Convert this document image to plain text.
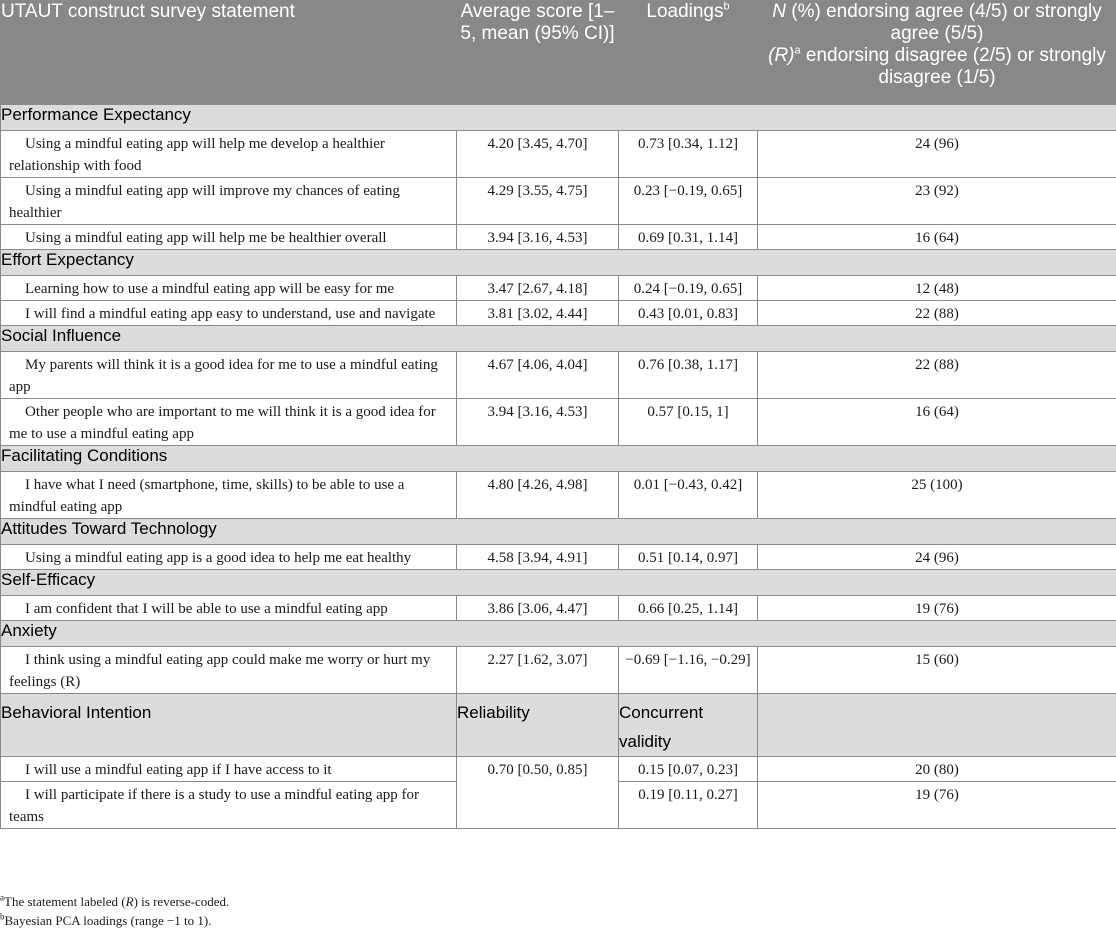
UTAUT construct survey statement	Average score [1–5, mean (95% CI)]	Loadings$^b$	N (%) endorsing agree (4/5) or strongly agree (5/5)
$(R)^a$ endorsing disagree (2/5) or strongly disagree (1/5)
Performance Expectancy			
Using a mindful eating app will help me develop a healthier relationship with food	4.20 [3.45, 4.70]	0.73 [0.34, 1.12]	24 (96)
Using a mindful eating app will improve my chances of eating healthier	4.29 [3.55, 4.75]	0.23 [−0.19, 0.65]	23 (92)
Using a mindful eating app will help me be healthier overall	3.94 [3.16, 4.53]	0.69 [0.31, 1.14]	16 (64)
Effort Expectancy			
Learning how to use a mindful eating app will be easy for me	3.47 [2.67, 4.18]	0.24 [−0.19, 0.65]	12 (48)
I will find a mindful eating app easy to understand, use and navigate	3.81 [3.02, 4.44]	0.43 [0.01, 0.83]	22 (88)
Social Influence			
My parents will think it is a good idea for me to use a mindful eating app	4.67 [4.06, 4.04]	0.76 [0.38, 1.17]	22 (88)
Other people who are important to me will think it is a good idea for me to use a mindful eating app	3.94 [3.16, 4.53]	0.57 [0.15, 1]	16 (64)
Facilitating Conditions			
I have what I need (smartphone, time, skills) to be able to use a mindful eating app	4.80 [4.26, 4.98]	0.01 [−0.43, 0.42]	25 (100)
Attitudes Toward Technology			
Using a mindful eating app is a good idea to help me eat healthy	4.58 [3.94, 4.91]	0.51 [0.14, 0.97]	24 (96)
Self-Efficacy			
I am confident that I will be able to use a mindful eating app	3.86 [3.06, 4.47]	0.66 [0.25, 1.14]	19 (76)
Anxiety			
I think using a mindful eating app could make me worry or hurt my feelings (R)	2.27 [1.62, 3.07]	−0.69 [−1.16, −0.29]	15 (60)
Behavioral Intention	Reliability	Concurrent validity	
I will use a mindful eating app if I have access to it	0.70 [0.50, 0.85]	0.15 [0.07, 0.23]	20 (80)
I will participate if there is a study to use a mindful eating app for teams		0.19 [0.11, 0.27]	19 (76)
$^a$The statement labeled (R) is reverse-coded.
$^b$Bayesian PCA loadings (range −1 to 1).
